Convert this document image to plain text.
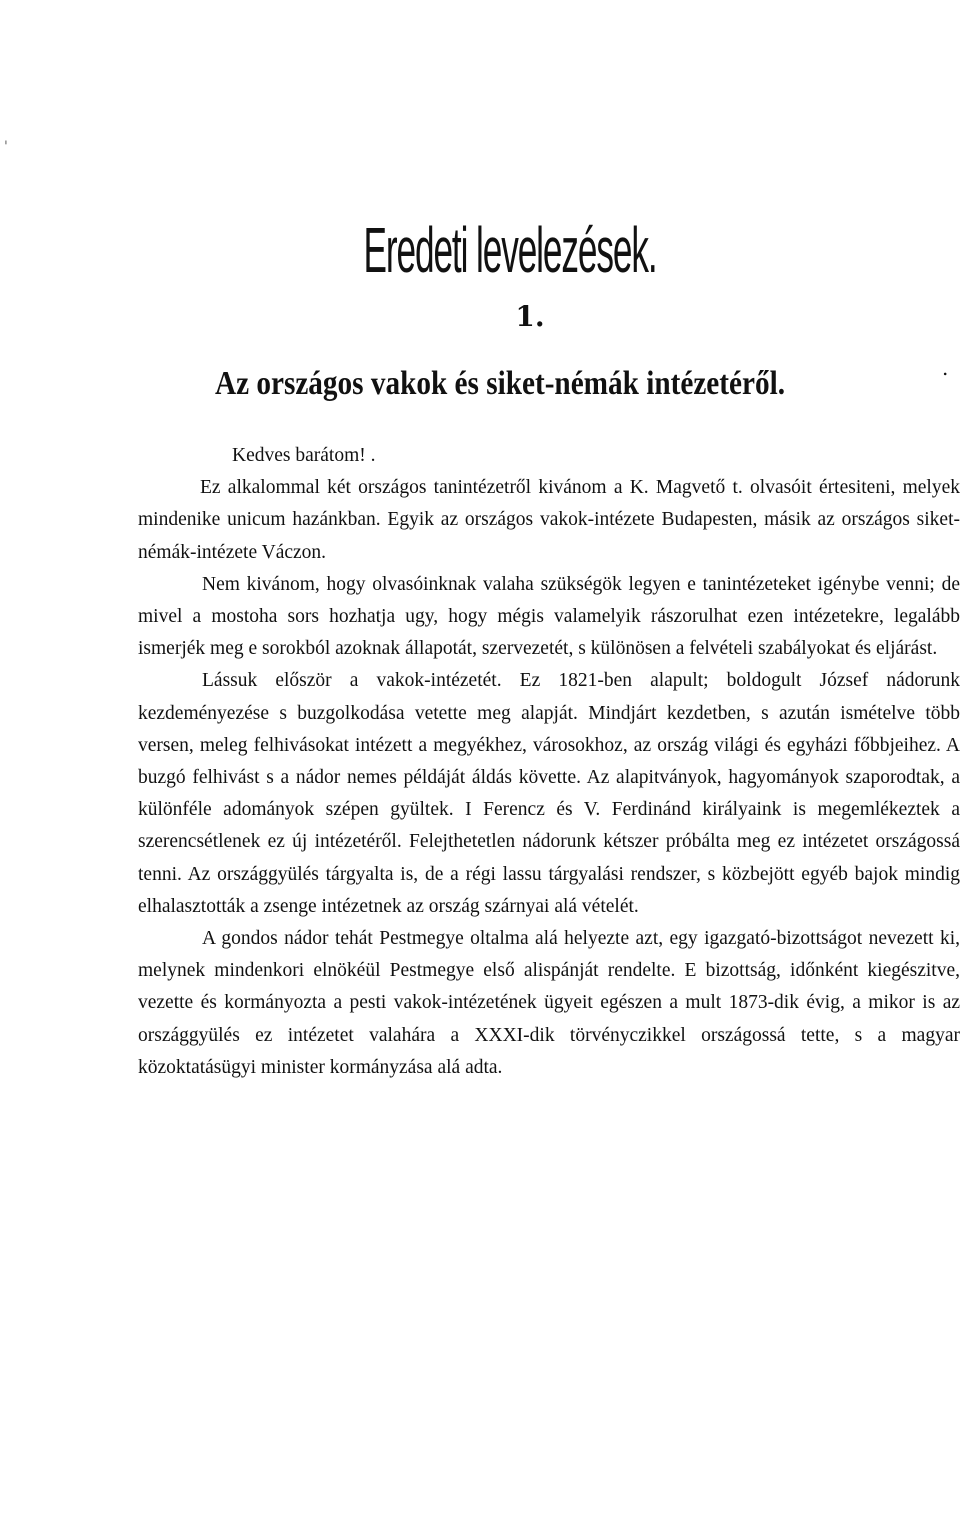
'
Eredeti levelezések.
1.
Az országos vakok és siket-némák intézetéről.	.

Kedves barátom! .

Ez alkalommal két országos tanintézetről kivánom a K. Magvető t. olvasóit értesiteni, melyek mindenike unicum hazánkban. Egyik az országos vakok-intézete Budapesten, másik az országos siket-némák-intézete Váczon.

Nem kivánom, hogy olvasóinknak valaha szükségök legyen e tanintézeteket igénybe venni; de mivel a mostoha sors hozhatja ugy, hogy mégis valamelyik rászorulhat ezen intézetekre, legalább ismerjék meg e sorokból azoknak állapotát, szervezetét, s különösen a felvételi szabályokat és eljárást.

Lássuk először a vakok-intézetét. Ez 1821-ben alapult; boldogult József nádorunk kezdeményezése s buzgolkodása vetette meg alapját. Mindjárt kezdetben, s azután ismételve több versen, meleg felhivásokat intézett a megyékhez, városokhoz, az ország világi és egyházi főbbjeihez. A buzgó felhivást s a nádor nemes példáját áldás követte. Az alapitványok, hagyományok szaporodtak, a különféle adományok szépen gyültek. I Ferencz és V. Ferdinánd királyaink is megemlékeztek a szerencsétlenek ez új intézetéről. Felejthetetlen nádorunk kétszer próbálta meg ez intézetet országossá tenni. Az országgyülés tárgyalta is, de a régi lassu tárgyalási rendszer, s közbejött egyéb bajok mindig elhalasztották a zsenge intézetnek az ország szárnyai alá vételét.

A gondos nádor tehát Pestmegye oltalma alá helyezte azt, egy igazgató-bizottságot nevezett ki, melynek mindenkori elnökéül Pestmegye első alispánját rendelte. E bizottság, időnként kiegészitve, vezette és kormányozta a pesti vakok-intézetének ügyeit egészen a mult 1873-dik évig, a mikor is az országgyülés ez intézetet valahára a XXXI-dik törvényczikkel országossá tette, s a magyar közoktatásügyi minister kormányzása alá adta.
